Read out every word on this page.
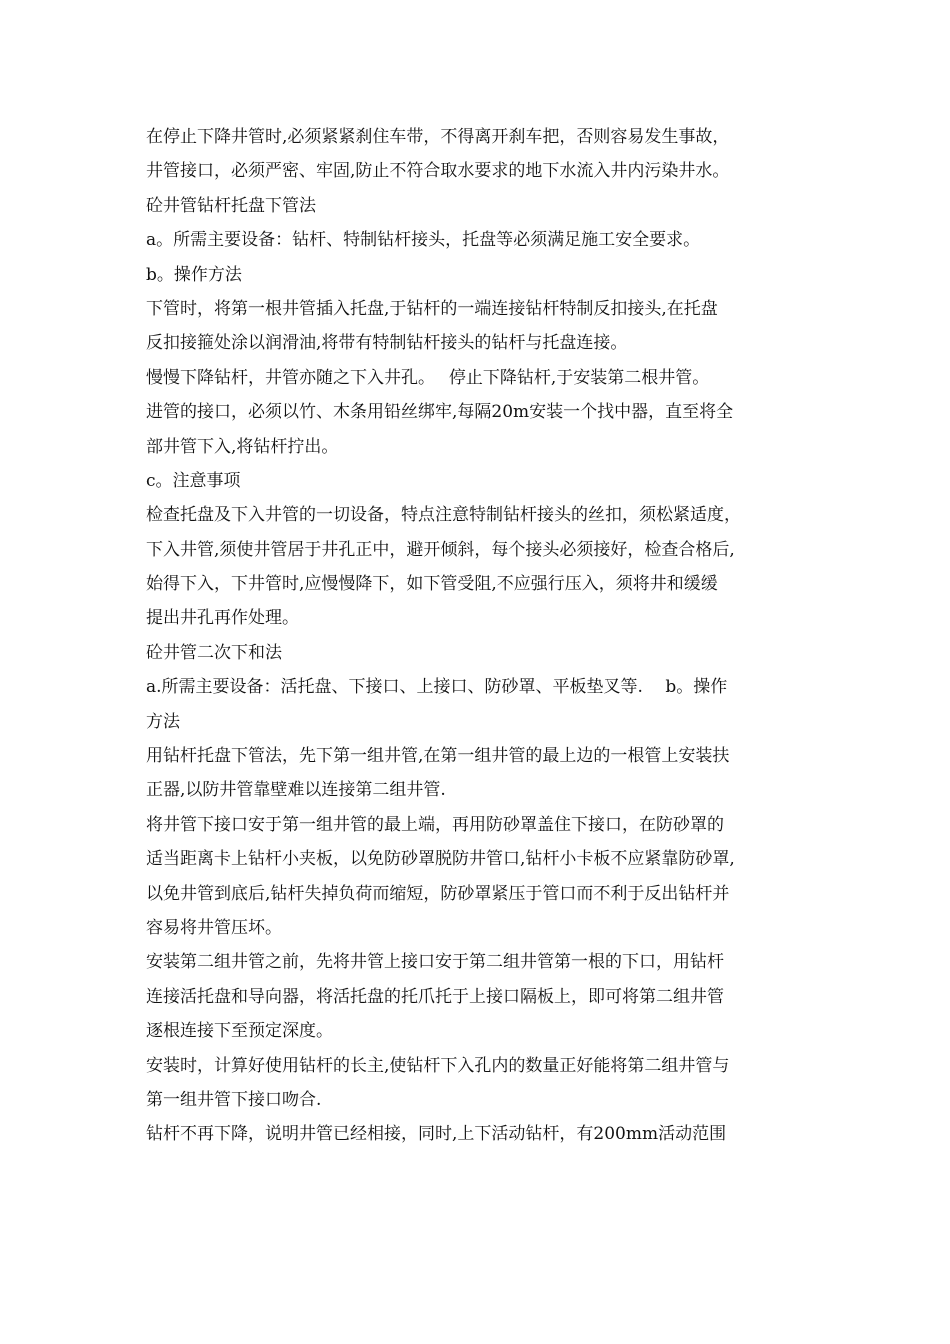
在停止下降井管时,必须紧紧刹住车带，不得离开刹车把，否则容易发生事故，

井管接口，必须严密、牢固,防止不符合取水要求的地下水流入井内污染井水。

砼井管钻杆托盘下管法

a。所需主要设备：钻杆、特制钻杆接头，托盘等必须满足施工安全要求。

b。操作方法

下管时，将第一根井管插入托盘,于钻杆的一端连接钻杆特制反扣接头,在托盘

反扣接箍处涂以润滑油,将带有特制钻杆接头的钻杆与托盘连接。

慢慢下降钻杆，井管亦随之下入井孔。　 停止下降钻杆,于安装第二根井管。

进管的接口，必须以竹、木条用铅丝绑牢,每隔20m安装一个找中器，直至将全

部井管下入,将钻杆拧出。

c。注意事项

检查托盘及下入井管的一切设备，特点注意特制钻杆接头的丝扣，须松紧适度，

下入井管,须使井管居于井孔正中，避开倾斜，每个接头必须接好，检查合格后,

始得下入，下井管时,应慢慢降下，如下管受阻,不应强行压入，须将井和缓缓

提出井孔再作处理。

砼井管二次下和法

a.所需主要设备：活托盘、下接口、上接口、防砂罩、平板垫叉等.　 b。操作

方法

用钻杆托盘下管法，先下第一组井管,在第一组井管的最上边的一根管上安装扶

正器,以防井管靠壁难以连接第二组井管.

将井管下接口安于第一组井管的最上端，再用防砂罩盖住下接口，在防砂罩的

适当距离卡上钻杆小夹板，以免防砂罩脱防井管口,钻杆小卡板不应紧靠防砂罩,

以免井管到底后,钻杆失掉负荷而缩短，防砂罩紧压于管口而不利于反出钻杆并

容易将井管压坏。

安装第二组井管之前，先将井管上接口安于第二组井管第一根的下口，用钻杆

连接活托盘和导向器，将活托盘的托爪托于上接口隔板上，即可将第二组井管

逐根连接下至预定深度。

安装时，计算好使用钻杆的长主,使钻杆下入孔内的数量正好能将第二组井管与

第一组井管下接口吻合.

钻杆不再下降，说明井管已经相接，同时,上下活动钻杆，有200mm活动范围
